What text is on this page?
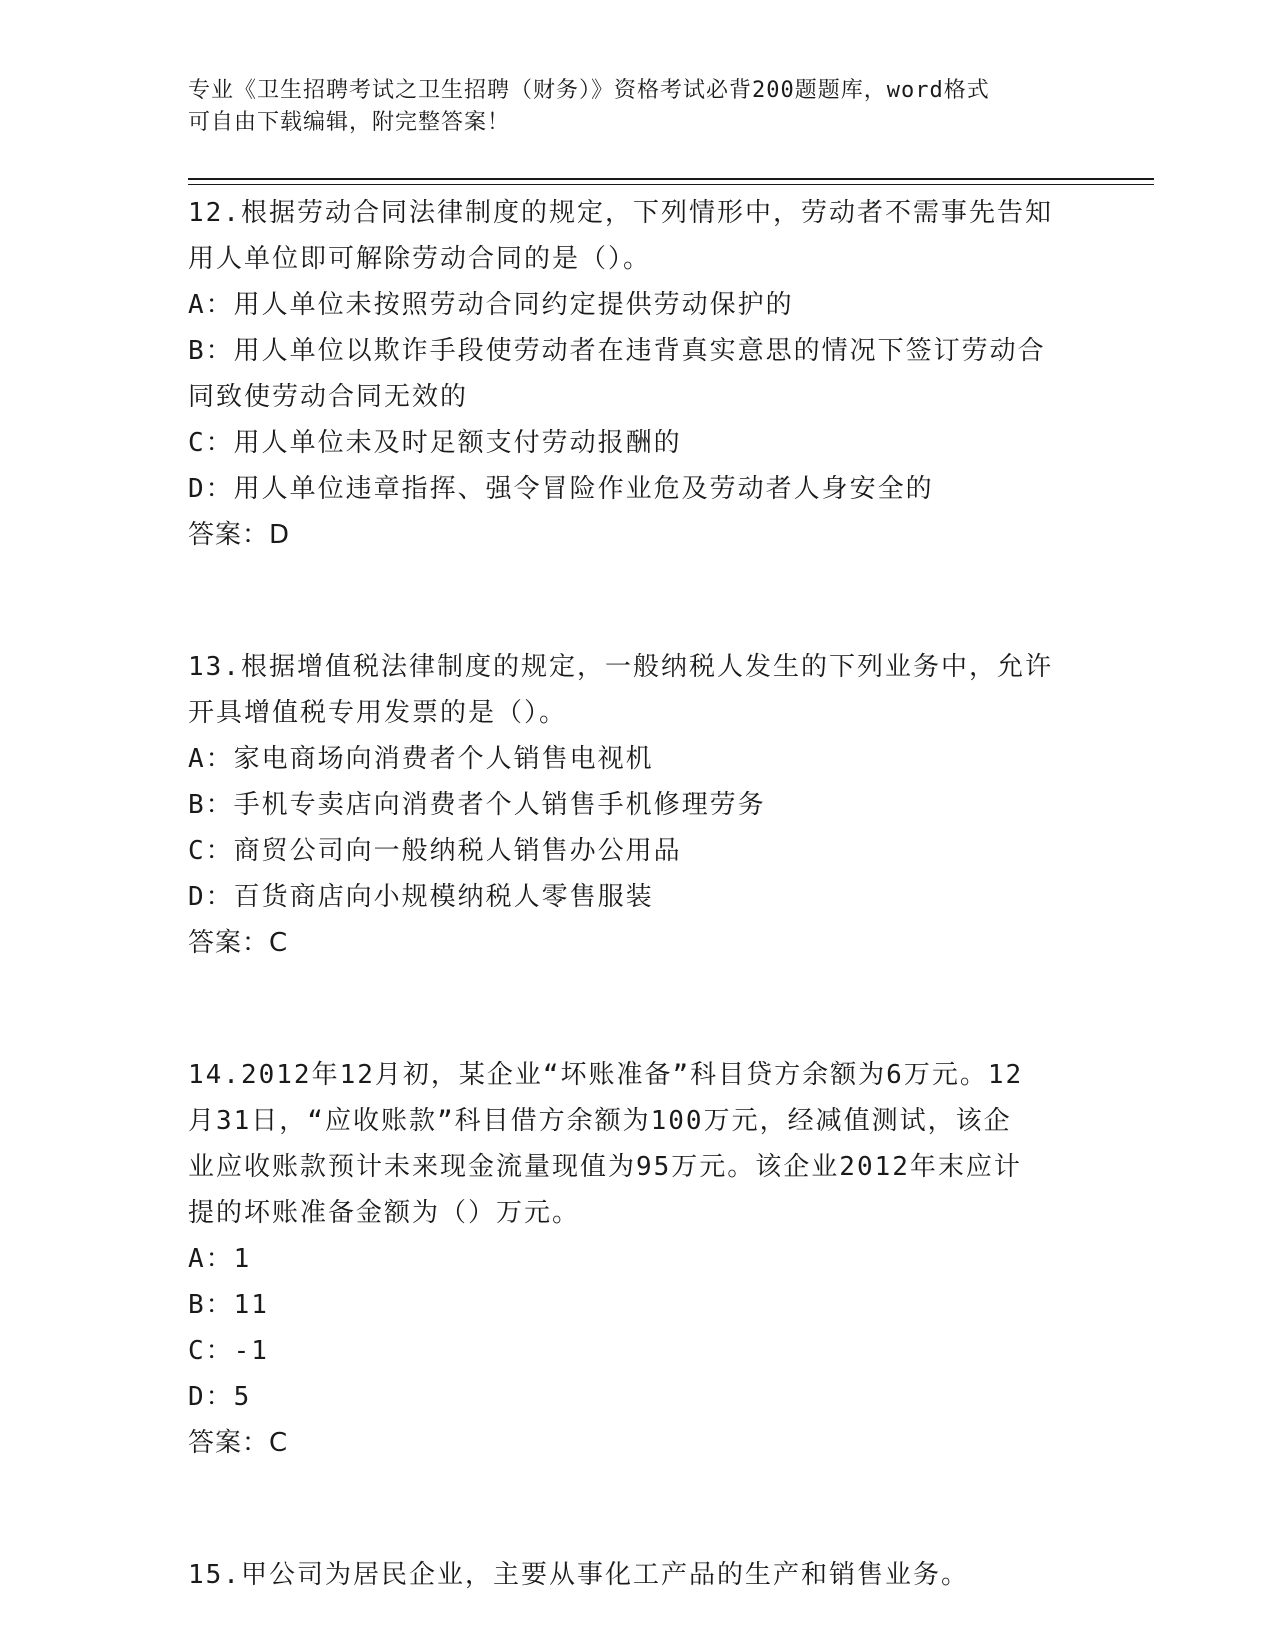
专业《卫生招聘考试之卫生招聘（财务）》资格考试必背200题题库，word格式
可自由下载编辑，附完整答案！
12.根据劳动合同法律制度的规定，下列情形中，劳动者不需事先告知
用人单位即可解除劳动合同的是（）。
A：用人单位未按照劳动合同约定提供劳动保护的
B：用人单位以欺诈手段使劳动者在违背真实意思的情况下签订劳动合
同致使劳动合同无效的
C：用人单位未及时足额支付劳动报酬的
D：用人单位违章指挥、强令冒险作业危及劳动者人身安全的
答案：D
13.根据增值税法律制度的规定，一般纳税人发生的下列业务中，允许
开具增值税专用发票的是（）。
A：家电商场向消费者个人销售电视机
B：手机专卖店向消费者个人销售手机修理劳务
C：商贸公司向一般纳税人销售办公用品
D：百货商店向小规模纳税人零售服装
答案：C
14.2012年12月初，某企业“坏账准备”科目贷方余额为6万元。12
月31日，“应收账款”科目借方余额为100万元，经减值测试，该企
业应收账款预计未来现金流量现值为95万元。该企业2012年末应计
提的坏账准备金额为（）万元。
A：1
B：11
C：-1
D：5
答案：C
15.甲公司为居民企业，主要从事化工产品的生产和销售业务。
